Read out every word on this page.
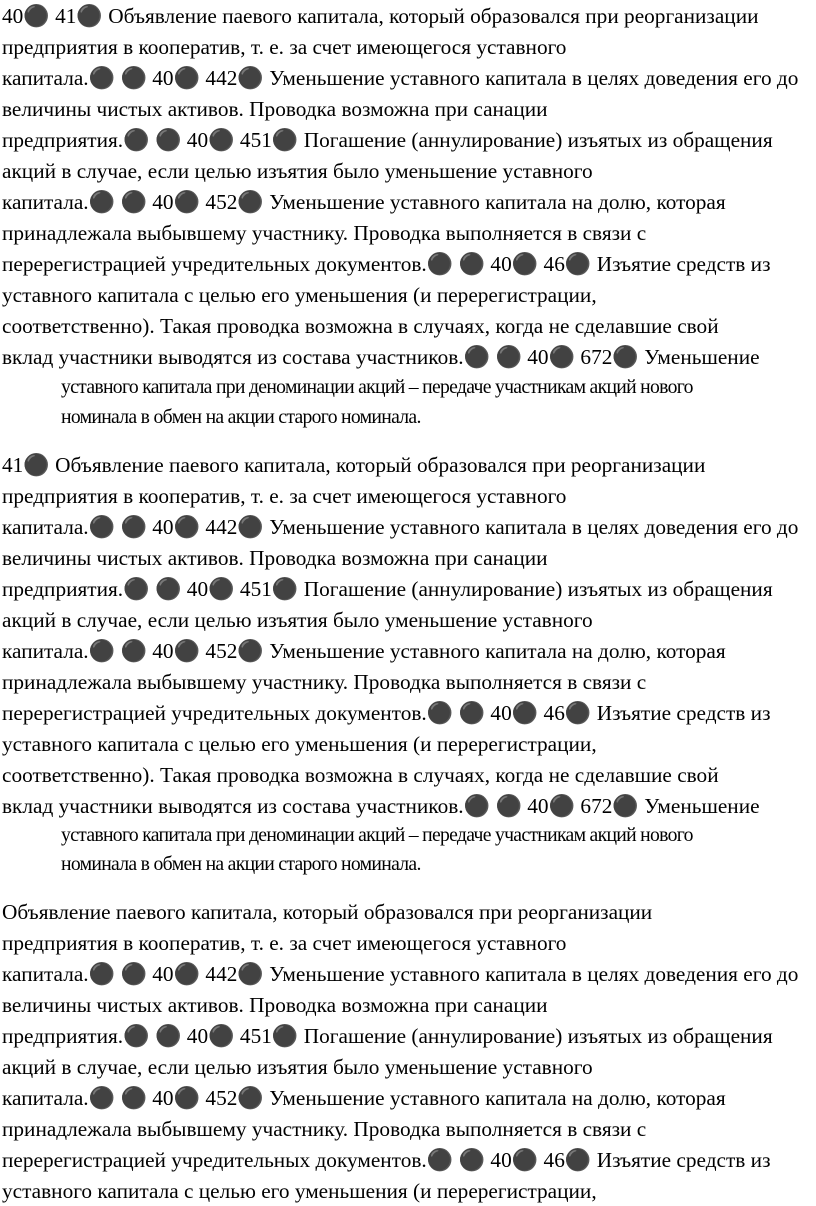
40⚫ 41⚫ Объявление паевого капитала, который образовался при реорганизации
предприятия в кооператив, т. е. за счет имеющегося уставного
капитала.⚫ ⚫ 40⚫ 442⚫ Уменьшение уставного капитала в целях доведения его до
величины чистых активов. Проводка возможна при санации
предприятия.⚫ ⚫ 40⚫ 451⚫ Погашение (аннулирование) изъятых из обращения
акций в случае, если целью изъятия было уменьшение уставного
капитала.⚫ ⚫ 40⚫ 452⚫ Уменьшение уставного капитала на долю, которая
принадлежала выбывшему участнику. Проводка выполняется в связи с
перерегистрацией учредительных документов.⚫ ⚫ 40⚫ 46⚫ Изъятие средств из
уставного капитала с целью его уменьшения (и перерегистрации,
соответственно). Такая проводка возможна в случаях, когда не сделавшие свой
вклад участники выводятся из состава участников.⚫ ⚫ 40⚫ 672⚫ Уменьшение
уставного капитала при деноминации акций – передаче участникам акций нового
номинала в обмен на акции старого номинала.
41⚫ Объявление паевого капитала, который образовался при реорганизации
предприятия в кооператив, т. е. за счет имеющегося уставного
капитала.⚫ ⚫ 40⚫ 442⚫ Уменьшение уставного капитала в целях доведения его до
величины чистых активов. Проводка возможна при санации
предприятия.⚫ ⚫ 40⚫ 451⚫ Погашение (аннулирование) изъятых из обращения
акций в случае, если целью изъятия было уменьшение уставного
капитала.⚫ ⚫ 40⚫ 452⚫ Уменьшение уставного капитала на долю, которая
принадлежала выбывшему участнику. Проводка выполняется в связи с
перерегистрацией учредительных документов.⚫ ⚫ 40⚫ 46⚫ Изъятие средств из
уставного капитала с целью его уменьшения (и перерегистрации,
соответственно). Такая проводка возможна в случаях, когда не сделавшие свой
вклад участники выводятся из состава участников.⚫ ⚫ 40⚫ 672⚫ Уменьшение
уставного капитала при деноминации акций – передаче участникам акций нового
номинала в обмен на акции старого номинала.
Объявление паевого капитала, который образовался при реорганизации
предприятия в кооператив, т. е. за счет имеющегося уставного
капитала.⚫ ⚫ 40⚫ 442⚫ Уменьшение уставного капитала в целях доведения его до
величины чистых активов. Проводка возможна при санации
предприятия.⚫ ⚫ 40⚫ 451⚫ Погашение (аннулирование) изъятых из обращения
акций в случае, если целью изъятия было уменьшение уставного
капитала.⚫ ⚫ 40⚫ 452⚫ Уменьшение уставного капитала на долю, которая
принадлежала выбывшему участнику. Проводка выполняется в связи с
перерегистрацией учредительных документов.⚫ ⚫ 40⚫ 46⚫ Изъятие средств из
уставного капитала с целью его уменьшения (и перерегистрации,
